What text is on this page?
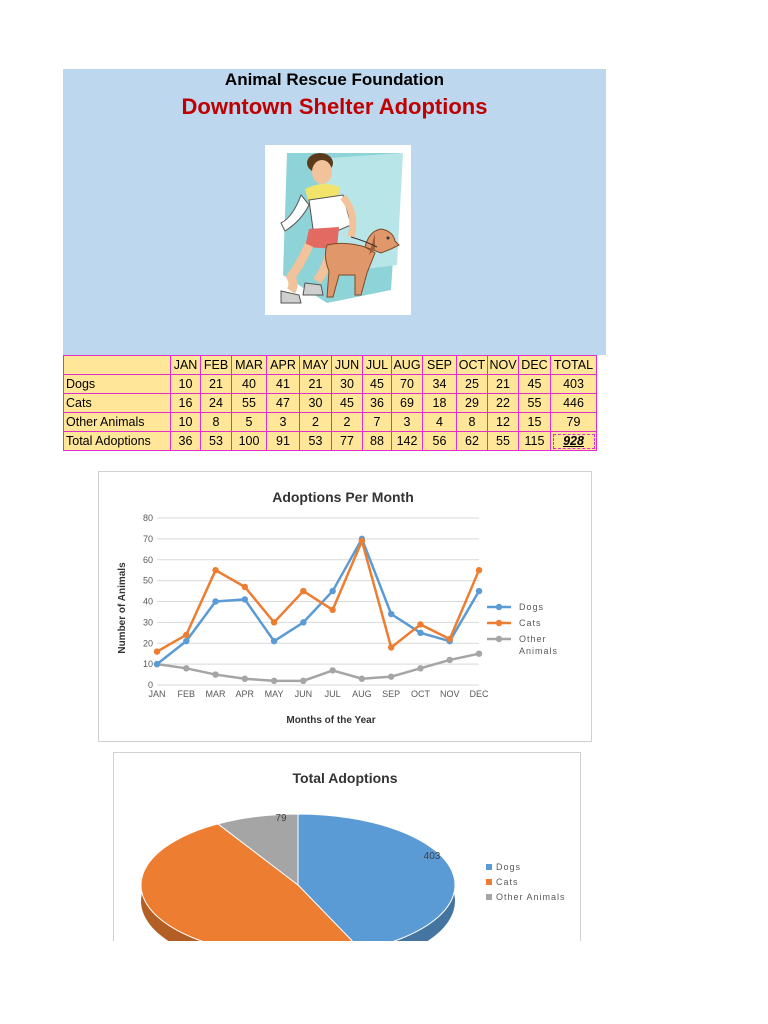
Animal Rescue Foundation
Downtown Shelter Adoptions
	JAN	FEB	MAR	APR	MAY	JUN	JUL	AUG	SEP	OCT	NOV	DEC	TOTAL
Dogs	10	21	40	41	21	30	45	70	34	25	21	45	403
Cats	16	24	55	47	30	45	36	69	18	29	22	55	446
Other Animals	10	8	5	3	2	2	7	3	4	8	12	15	79
Total Adoptions	36	53	100	91	53	77	88	142	56	62	55	115	928
Adoptions Per Month
Months of the Year
Number of Animals
0
10
20
30
40
50
60
70
80
JAN FEB MAR APR MAY JUN JUL AUG SEP OCT NOV DEC
Dogs
Cats
Other
Animals
Total Adoptions
403
79
Dogs
Cats
Other Animals
